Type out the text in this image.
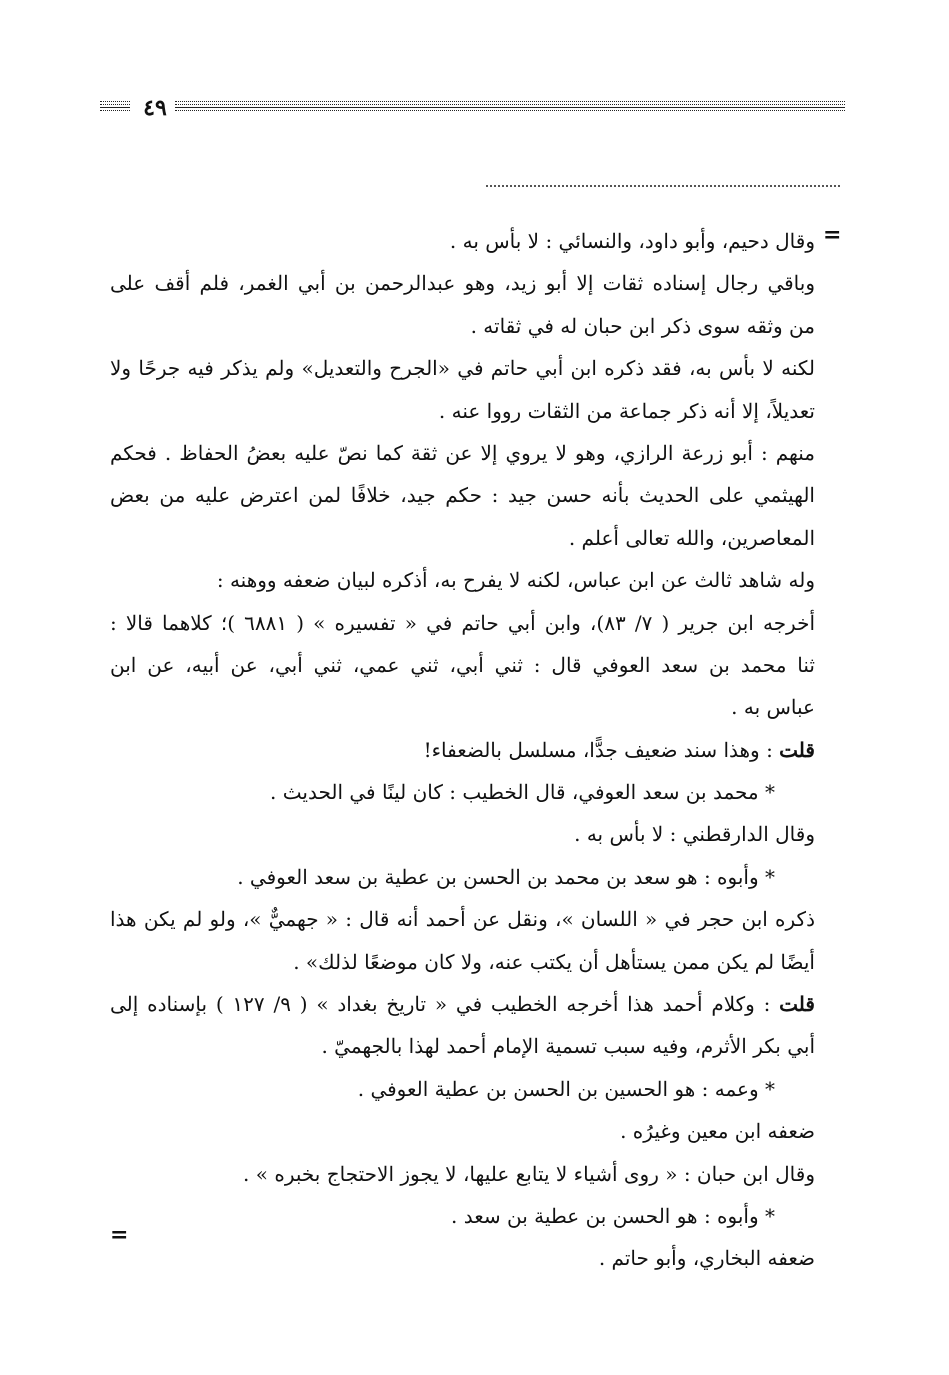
٤٩
=
=
وقال دحيم، وأبو داود، والنسائي : لا بأس به .
وباقي رجال إسناده ثقات إلا أبو زيد، وهو عبدالرحمن بن أبي الغمر، فلم أقف على
من وثقه سوى ذكر ابن حبان له في ثقاته .
لكنه لا بأس به، فقد ذكره ابن أبي حاتم في «الجرح والتعديل» ولم يذكر فيه جرحًا ولا
تعديلاً، إلا أنه ذكر جماعة من الثقات رووا عنه .
منهم : أبو زرعة الرازي، وهو لا يروي إلا عن ثقة كما نصّ عليه بعضُ الحفاظ . فحكم
الهيثمي على الحديث بأنه حسن جيد : حكم جيد، خلافًا لمن اعترض عليه من بعض
المعاصرين، والله تعالى أعلم .
وله شاهد ثالث عن ابن عباس، لكنه لا يفرح به، أذكره لبيان ضعفه ووهنه :
أخرجه ابن جرير ( ٧/ ٨٣)، وابن أبي حاتم في « تفسيره » ( ٦٨٨١ )؛ كلاهما قالا :
ثنا محمد بن سعد العوفي قال : ثني أبي، ثني عمي، ثني أبي، عن أبيه، عن ابن
عباس به .
قلت : وهذا سند ضعيف جدًّا، مسلسل بالضعفاء!
* محمد بن سعد العوفي، قال الخطيب : كان لينًا في الحديث .
وقال الدارقطني : لا بأس به .
* وأبوه : هو سعد بن محمد بن الحسن بن عطية بن سعد العوفي .
ذكره ابن حجر في « اللسان »، ونقل عن أحمد أنه قال : « جهميٌّ »، ولو لم يكن هذا
أيضًا لم يكن ممن يستأهل أن يكتب عنه، ولا كان موضعًا لذلك» .
قلت : وكلام أحمد هذا أخرجه الخطيب في « تاريخ بغداد » ( ٩/ ١٢٧ ) بإسناده إلى
أبي بكر الأثرم، وفيه سبب تسمية الإمام أحمد لهذا بالجهميّ .
* وعمه : هو الحسين بن الحسن بن عطية العوفي .
ضعفه ابن معين وغيرُه .
وقال ابن حبان : « روى أشياء لا يتابع عليها، لا يجوز الاحتجاج بخبره » .
* وأبوه : هو الحسن بن عطية بن سعد .
ضعفه البخاري، وأبو حاتم .
